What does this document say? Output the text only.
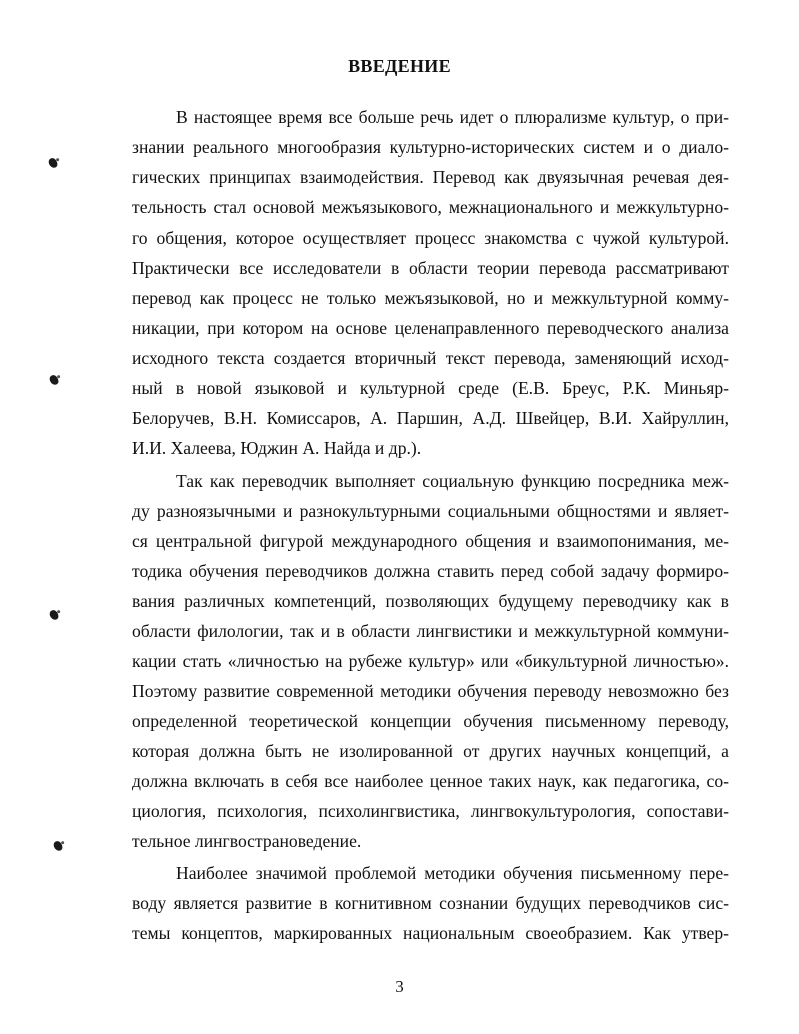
ВВЕДЕНИЕ
В настоящее время все больше речь идет о плюрализме культур, о при-
знании реального многообразия культурно-исторических систем и о диало-
гических принципах взаимодействия. Перевод как двуязычная речевая дея-
тельность стал основой межъязыкового, межнационального и межкультурно-
го общения, которое осуществляет процесс знакомства с чужой культурой.
Практически все исследователи в области теории перевода рассматривают
перевод как процесс не только межъязыковой, но и межкультурной комму-
никации, при котором на основе целенаправленного переводческого анализа
исходного текста создается вторичный текст перевода, заменяющий исход-
ный в новой языковой и культурной среде (Е.В. Бреус, Р.К. Миньяр-
Белоручев, В.Н. Комиссаров, А. Паршин, А.Д. Швейцер, В.И. Хайруллин,
И.И. Халеева, Юджин А. Найда и др.).
Так как переводчик выполняет социальную функцию посредника меж-
ду разноязычными и разнокультурными социальными общностями и являет-
ся центральной фигурой международного общения и взаимопонимания, ме-
тодика обучения переводчиков должна ставить перед собой задачу формиро-
вания различных компетенций, позволяющих будущему переводчику как в
области филологии, так и в области лингвистики и межкультурной коммуни-
кации стать «личностью на рубеже культур» или «бикультурной личностью».
Поэтому развитие современной методики обучения переводу невозможно без
определенной теоретической концепции обучения письменному переводу,
которая должна быть не изолированной от других научных концепций, а
должна включать в себя все наиболее ценное таких наук, как педагогика, со-
циология, психология, психолингвистика, лингвокультурология, сопостави-
тельное лингвострановедение.
Наиболее значимой проблемой методики обучения письменному пере-
воду является развитие в когнитивном сознании будущих переводчиков сис-
темы концептов, маркированных национальным своеобразием. Как утвер-
3
